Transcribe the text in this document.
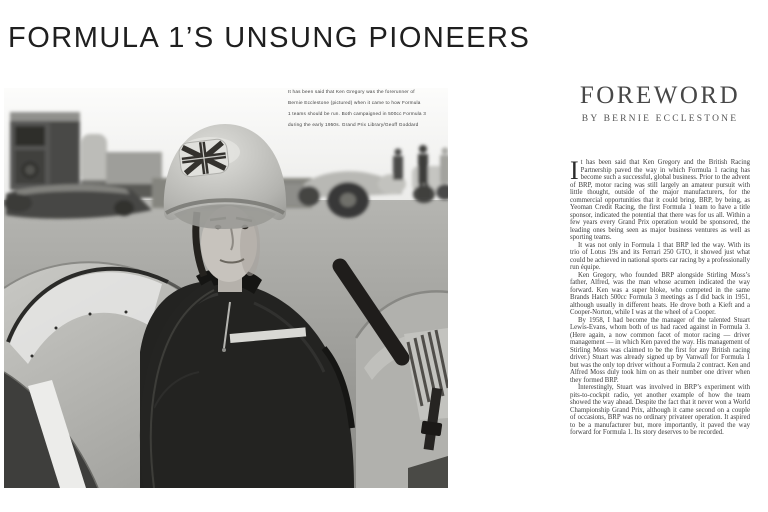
FORMULA 1’S UNSUNG PIONEERS
It has been said that Ken Gregory was the forerunner of
Bernie Ecclestone (pictured) when it came to how Formula
1 teams should be run. Both campaigned in 500cc Formula 3
during the early 1950s. Grand Prix Library/Geoff Goddard
FOREWORD
BY BERNIE ECCLESTONE

It has been said that Ken Gregory and the British Racing Partnership paved the way in which Formula 1 racing has become such a successful, global business. Prior to the advent of BRP, motor racing was still largely an amateur pursuit with little thought, outside of the major manufacturers, for the commercial opportunities that it could bring. BRP, by being, as Yeoman Credit Racing, the first Formula 1 team to have a title sponsor, indicated the potential that there was for us all. Within a few years every Grand Prix operation would be sponsored, the leading ones being seen as major business ventures as well as sporting teams.

It was not only in Formula 1 that BRP led the way. With its trio of Lotus 19s and its Ferrari 250 GTO, it showed just what could be achieved in national sports car racing by a professionally run équipe.

Ken Gregory, who founded BRP alongside Stirling Moss’s father, Alfred, was the man whose acumen indicated the way forward. Ken was a super bloke, who competed in the same Brands Hatch 500cc Formula 3 meetings as I did back in 1951, although usually in different heats. He drove both a Kieft and a Cooper-Norton, while I was at the wheel of a Cooper.

By 1958, I had become the manager of the talented Stuart Lewis-Evans, whom both of us had raced against in Formula 3. (Here again, a now common facet of motor racing — driver management — in which Ken paved the way. His management of Stirling Moss was claimed to be the first for any British racing driver.) Stuart was already signed up by Vanwall for Formula 1 but was the only top driver without a Formula 2 contract. Ken and Alfred Moss duly took him on as their number one driver when they formed BRP.

Interestingly, Stuart was involved in BRP’s experiment with pits-to-cockpit radio, yet another example of how the team showed the way ahead. Despite the fact that it never won a World Championship Grand Prix, although it came second on a couple of occasions, BRP was no ordinary privateer operation. It aspired to be a manufacturer but, more importantly, it paved the way forward for Formula 1. Its story deserves to be recorded.
